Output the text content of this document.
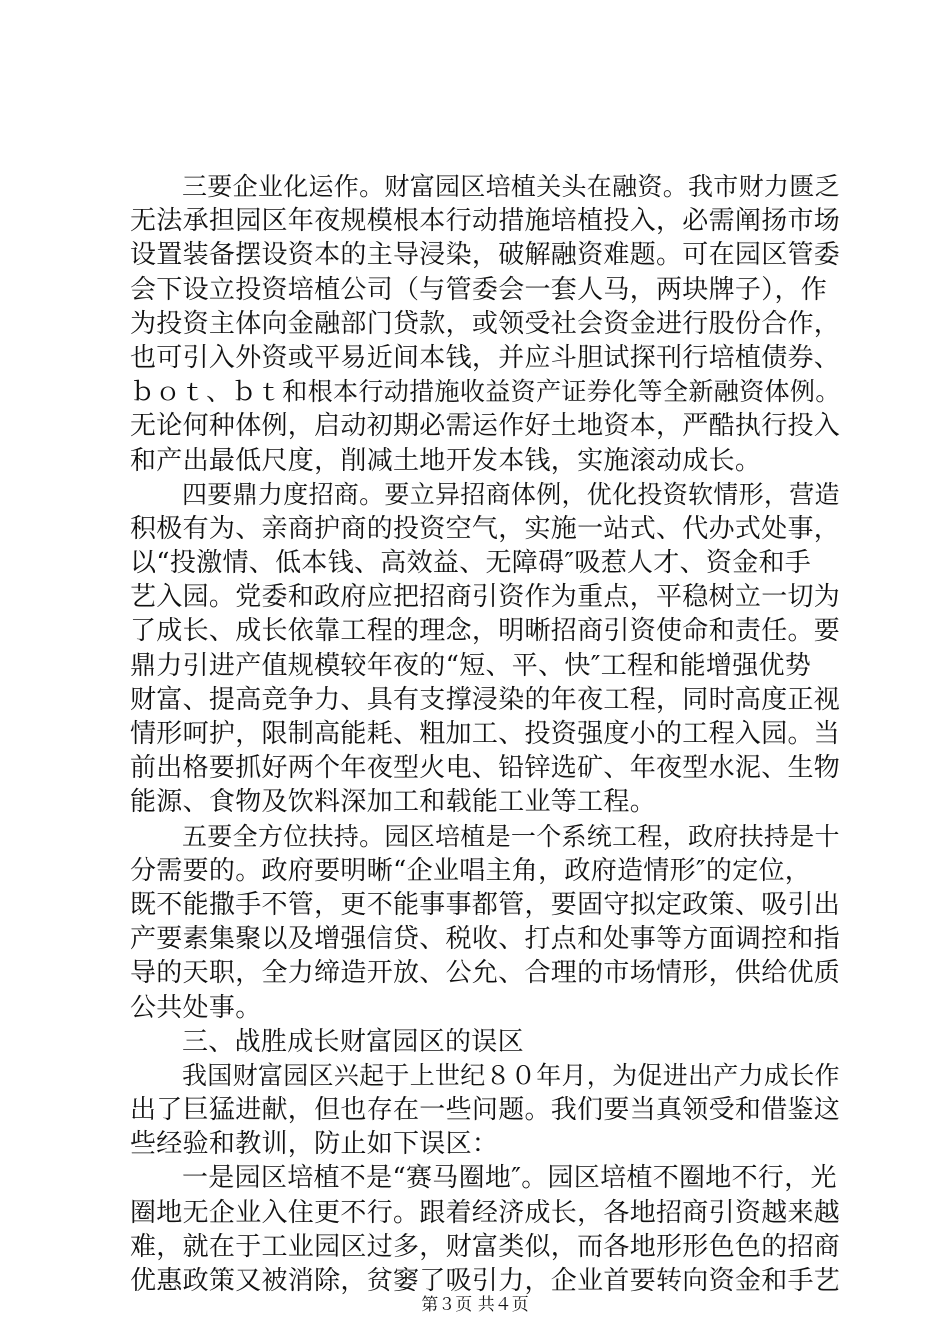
三要企业化运作。财富园区培植关头在融资。我市财力匮乏
无法承担园区年夜规模根本行动措施培植投入，必需阐扬市场
设置装备摆设资本的主导浸染，破解融资难题。可在园区管委
会下设立投资培植公司（与管委会一套人马，两块牌子），作
为投资主体向金融部门贷款，或领受社会资金进行股份合作，
也可引入外资或平易近间本钱，并应斗胆试探刊行培植债券、
ｂｏｔ、ｂｔ和根本行动措施收益资产证券化等全新融资体例。
无论何种体例，启动初期必需运作好土地资本，严酷执行投入
和产出最低尺度，削减土地开发本钱，实施滚动成长。
四要鼎力度招商。要立异招商体例，优化投资软情形，营造
积极有为、亲商护商的投资空气，实施一站式、代办式处事，
以“投激情、低本钱、高效益、无障碍″吸惹人才、资金和手
艺入园。党委和政府应把招商引资作为重点，平稳树立一切为
了成长、成长依靠工程的理念，明晰招商引资使命和责任。要
鼎力引进产值规模较年夜的“短、平、快″工程和能增强优势
财富、提高竞争力、具有支撑浸染的年夜工程，同时高度正视
情形呵护，限制高能耗、粗加工、投资强度小的工程入园。当
前出格要抓好两个年夜型火电、铅锌选矿、年夜型水泥、生物
能源、食物及饮料深加工和载能工业等工程。
五要全方位扶持。园区培植是一个系统工程，政府扶持是十
分需要的。政府要明晰“企业唱主角，政府造情形″的定位，
既不能撒手不管，更不能事事都管，要固守拟定政策、吸引出
产要素集聚以及增强信贷、税收、打点和处事等方面调控和指
导的天职，全力缔造开放、公允、合理的市场情形，供给优质
公共处事。
三、战胜成长财富园区的误区
我国财富园区兴起于上世纪８０年月，为促进出产力成长作
出了巨猛进献，但也存在一些问题。我们要当真领受和借鉴这
些经验和教训，防止如下误区：
一是园区培植不是“赛马圈地″。园区培植不圈地不行，光
圈地无企业入住更不行。跟着经济成长，各地招商引资越来越
难，就在于工业园区过多，财富类似，而各地形形色色的招商
优惠政策又被消除，贫窭了吸引力，企业首要转向资金和手艺
第３页 共４页
